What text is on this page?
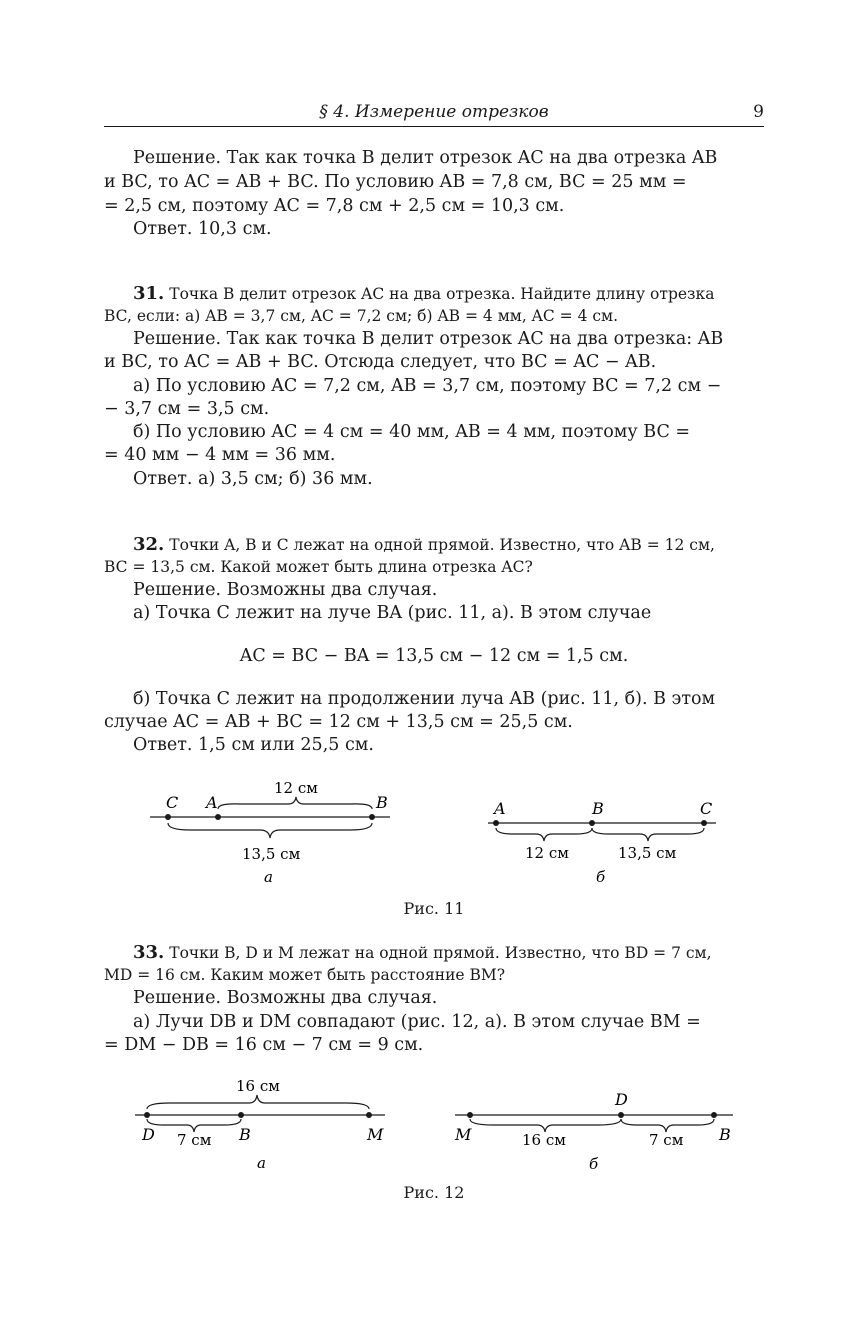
§ 4. Измерение отрезков	9
Решение. Так как точка B делит отрезок AC на два отрезка AB
и BC, то AC = AB + BC. По условию AB = 7,8 см, BC = 25 мм =
= 2,5 см, поэтому AC = 7,8 см + 2,5 см = 10,3 см.
Ответ. 10,3 см.
31. Точка B делит отрезок AC на два отрезка. Найдите длину отрезка
BC, если: а) AB = 3,7 см, AC = 7,2 см; б) AB = 4 мм, AC = 4 см.
Решение. Так как точка B делит отрезок AC на два отрезка: AB
и BC, то AC = AB + BC. Отсюда следует, что BC = AC − AB.
а) По условию AC = 7,2 см, AB = 3,7 см, поэтому BC = 7,2 см −
− 3,7 см = 3,5 см.
б) По условию AC = 4 см = 40 мм, AB = 4 мм, поэтому BC =
= 40 мм − 4 мм = 36 мм.
Ответ. а) 3,5 см; б) 36 мм.
32. Точки A, B и C лежат на одной прямой. Известно, что AB = 12 см,
BC = 13,5 см. Какой может быть длина отрезка AC?
Решение. Возможны два случая.
а) Точка C лежит на луче BA (рис. 11, а). В этом случае
AC = BC − BA = 13,5 см − 12 см = 1,5 см.
б) Точка C лежит на продолжении луча AB (рис. 11, б). В этом
случае AC = AB + BC = 12 см + 13,5 см = 25,5 см.
Ответ. 1,5 см или 25,5 см.
C A	B
12 см
13,5 см
а
A	B	C
12 см	13,5 см
б
Рис. 11
33. Точки B, D и M лежат на одной прямой. Известно, что BD = 7 см,
MD = 16 см. Каким может быть расстояние BM?
Решение. Возможны два случая.
а) Лучи DB и DM совпадают (рис. 12, а). В этом случае BM =
= DM − DB = 16 см − 7 см = 9 см.
D	B	M
16 см
7 см
а
D
M	B
16 см	7 см
б
Рис. 12
